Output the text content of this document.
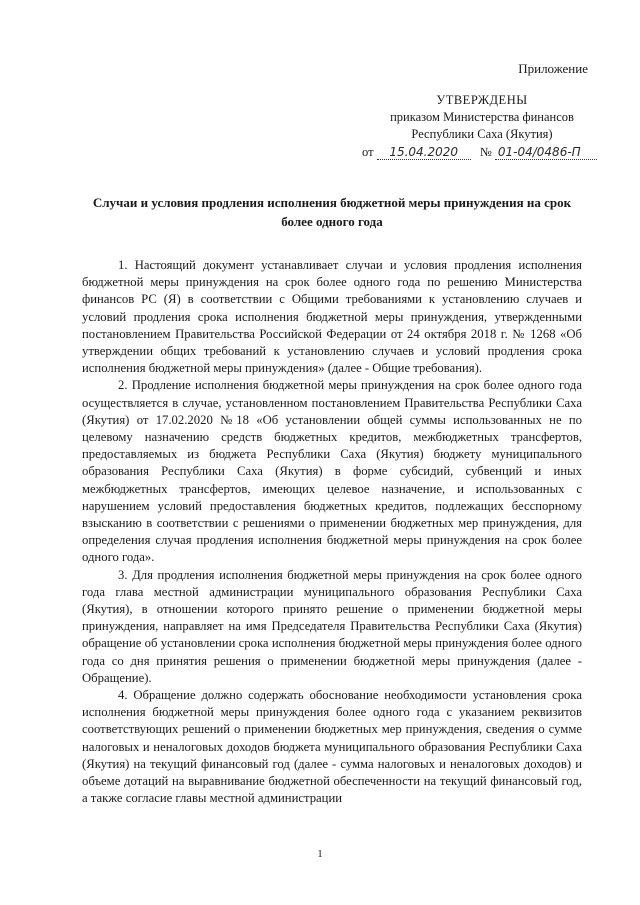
Приложение
УТВЕРЖДЕНЫ
приказом Министерства финансов
Республики Саха (Якутия)
от 15.04.2020 № 01-04/0486-П
Случаи и условия продления исполнения бюджетной меры принуждения на срок более одного года

1. Настоящий документ устанавливает случаи и условия продления исполнения бюджетной меры принуждения на срок более одного года по решению Министерства финансов РС (Я) в соответствии с Общими требованиями к установлению случаев и условий продления срока исполнения бюджетной меры принуждения, утвержденными постановлением Правительства Российской Федерации от 24 октября 2018 г. № 1268 «Об утверждении общих требований к установлению случаев и условий продления срока исполнения бюджетной меры принуждения» (далее - Общие требования).

2. Продление исполнения бюджетной меры принуждения на срок более одного года осуществляется в случае, установленном постановлением Правительства Республики Саха (Якутия) от 17.02.2020 №18 «Об установлении общей суммы использованных не по целевому назначению средств бюджетных кредитов, межбюджетных трансфертов, предоставляемых из бюджета Республики Саха (Якутия) бюджету муниципального образования Республики Саха (Якутия) в форме субсидий, субвенций и иных межбюджетных трансфертов, имеющих целевое назначение, и использованных с нарушением условий предоставления бюджетных кредитов, подлежащих бесспорному взысканию в соответствии с решениями о применении бюджетных мер принуждения, для определения случая продления исполнения бюджетной меры принуждения на срок более одного года».

3. Для продления исполнения бюджетной меры принуждения на срок более одного года глава местной администрации муниципального образования Республики Саха (Якутия), в отношении которого принято решение о применении бюджетной меры принуждения, направляет на имя Председателя Правительства Республики Саха (Якутия) обращение об установлении срока исполнения бюджетной меры принуждения более одного года со дня принятия решения о применении бюджетной меры принуждения (далее - Обращение).

4. Обращение должно содержать обоснование необходимости установления срока исполнения бюджетной меры принуждения более одного года с указанием реквизитов соответствующих решений о применении бюджетных мер принуждения, сведения о сумме налоговых и неналоговых доходов бюджета муниципального образования Республики Саха (Якутия) на текущий финансовый год (далее - сумма налоговых и неналоговых доходов) и объеме дотаций на выравнивание бюджетной обеспеченности на текущий финансовый год, а также согласие главы местной администрации

1
